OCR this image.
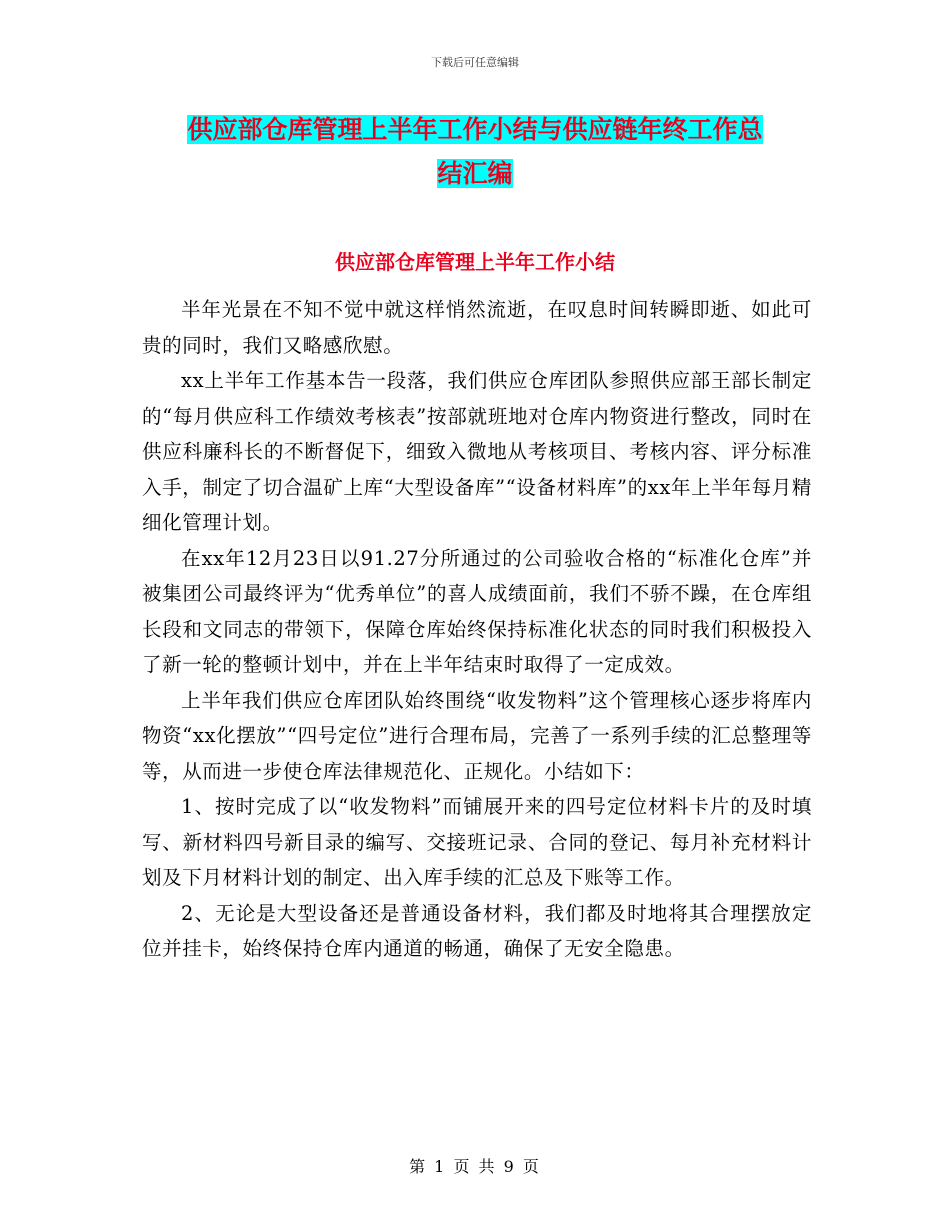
下载后可任意编辑
供应部仓库管理上半年工作小结与供应链年终工作总
结汇编
供应部仓库管理上半年工作小结

半年光景在不知不觉中就这样悄然流逝，在叹息时间转瞬即逝、如此可贵的同时，我们又略感欣慰。

xx上半年工作基本告一段落，我们供应仓库团队参照供应部王部长制定的“每月供应科工作绩效考核表”按部就班地对仓库内物资进行整改，同时在供应科廉科长的不断督促下，细致入微地从考核项目、考核内容、评分标准入手，制定了切合温矿上库“大型设备库”“设备材料库”的xx年上半年每月精细化管理计划。

在xx年12月23日以91.27分所通过的公司验收合格的“标准化仓库”并被集团公司最终评为“优秀单位”的喜人成绩面前，我们不骄不躁，在仓库组长段和文同志的带领下，保障仓库始终保持标准化状态的同时我们积极投入了新一轮的整顿计划中，并在上半年结束时取得了一定成效。

上半年我们供应仓库团队始终围绕“收发物料”这个管理核心逐步将库内物资“xx化摆放”“四号定位”进行合理布局，完善了一系列手续的汇总整理等等，从而进一步使仓库法律规范化、正规化。小结如下：

1、按时完成了以“收发物料”而铺展开来的四号定位材料卡片的及时填写、新材料四号新目录的编写、交接班记录、合同的登记、每月补充材料计划及下月材料计划的制定、出入库手续的汇总及下账等工作。

2、无论是大型设备还是普通设备材料，我们都及时地将其合理摆放定位并挂卡，始终保持仓库内通道的畅通，确保了无安全隐患。

第 1 页 共 9 页
